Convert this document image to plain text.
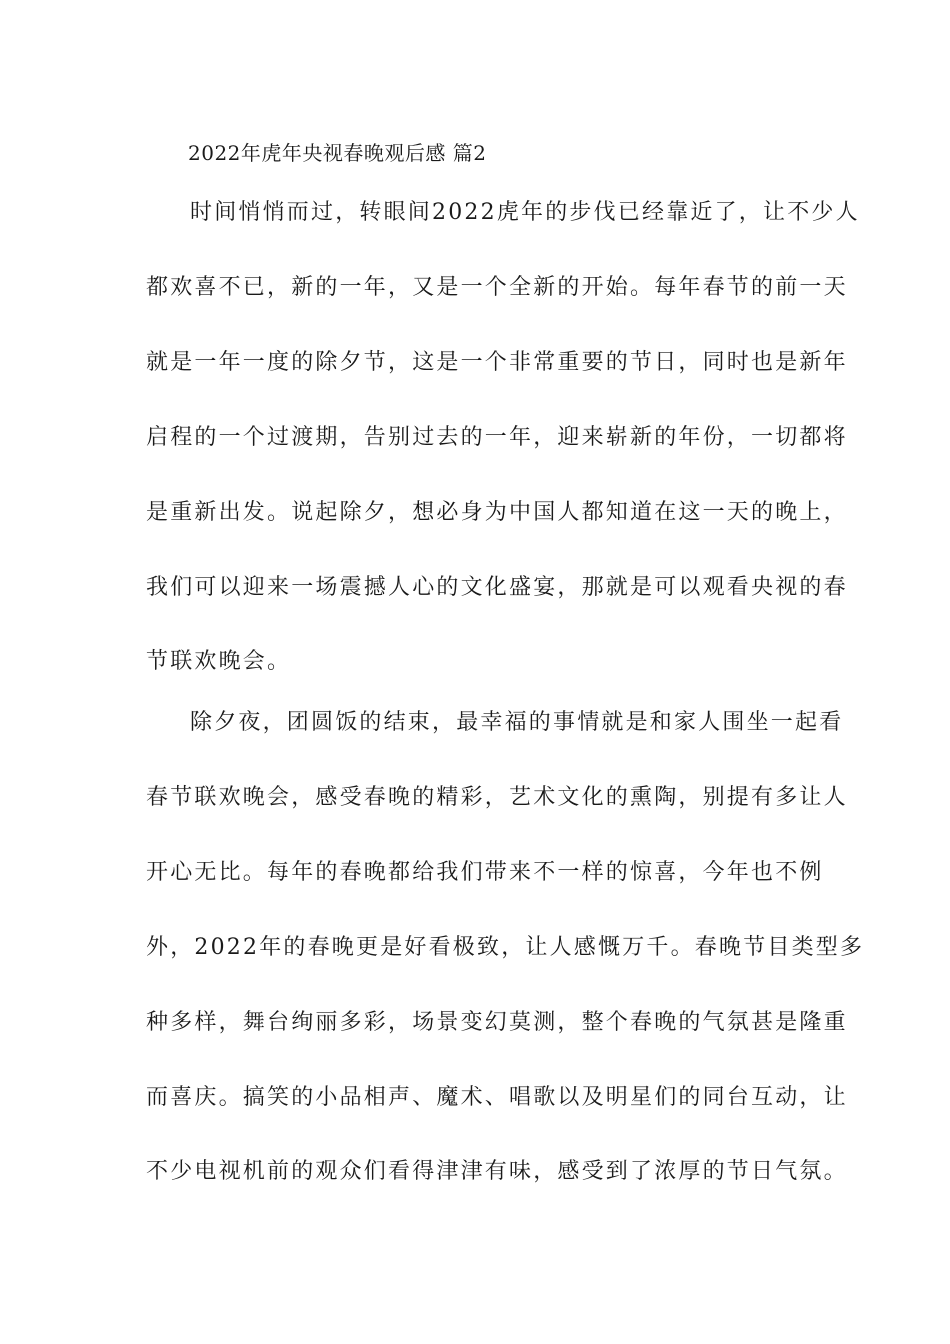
2022年虎年央视春晚观后感 篇2
时间悄悄而过，转眼间2022虎年的步伐已经靠近了，让不少人
都欢喜不已，新的一年，又是一个全新的开始。每年春节的前一天
就是一年一度的除夕节，这是一个非常重要的节日，同时也是新年
启程的一个过渡期，告别过去的一年，迎来崭新的年份，一切都将
是重新出发。说起除夕，想必身为中国人都知道在这一天的晚上，
我们可以迎来一场震撼人心的文化盛宴，那就是可以观看央视的春
节联欢晚会。
除夕夜，团圆饭的结束，最幸福的事情就是和家人围坐一起看
春节联欢晚会，感受春晚的精彩，艺术文化的熏陶，别提有多让人
开心无比。每年的春晚都给我们带来不一样的惊喜，今年也不例
外，2022年的春晚更是好看极致，让人感慨万千。春晚节目类型多
种多样，舞台绚丽多彩，场景变幻莫测，整个春晚的气氛甚是隆重
而喜庆。搞笑的小品相声、魔术、唱歌以及明星们的同台互动，让
不少电视机前的观众们看得津津有味，感受到了浓厚的节日气氛。
